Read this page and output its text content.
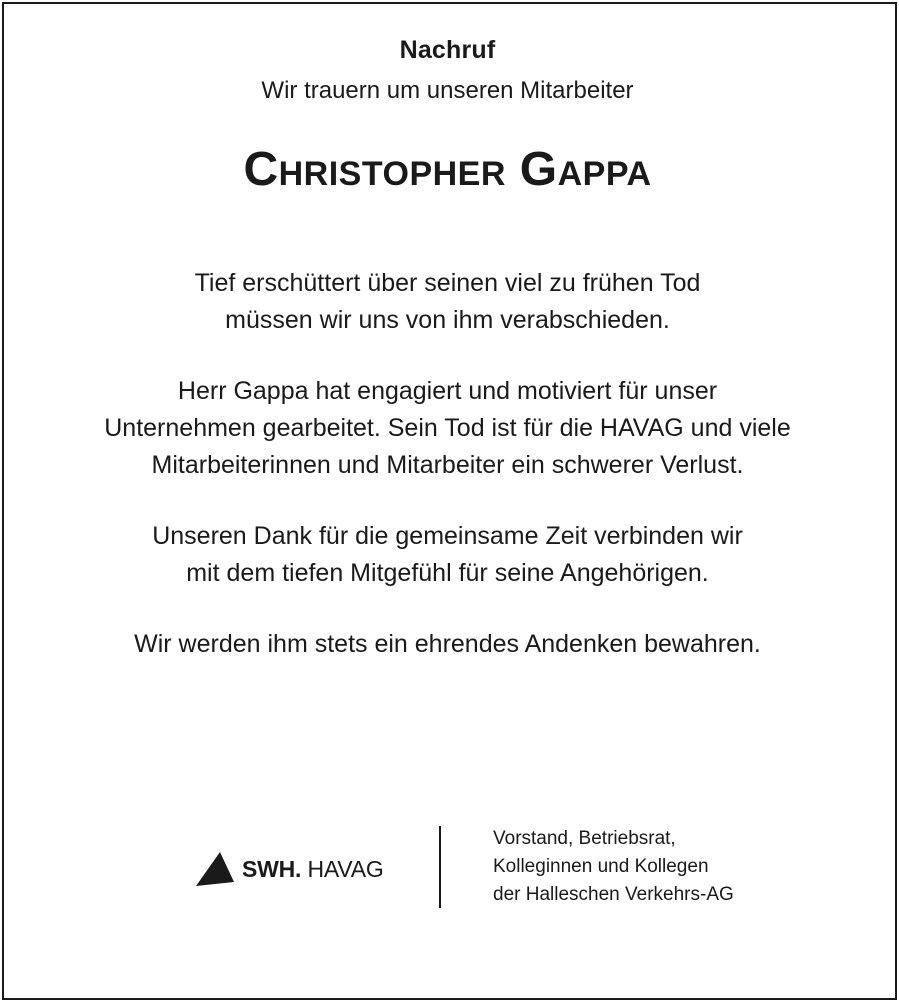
Nachruf
Wir trauern um unseren Mitarbeiter
Christopher Gappa
Tief erschüttert über seinen viel zu frühen Tod
müssen wir uns von ihm verabschieden.
Herr Gappa hat engagiert und motiviert für unser
Unternehmen gearbeitet. Sein Tod ist für die HAVAG und viele
Mitarbeiterinnen und Mitarbeiter ein schwerer Verlust.
Unseren Dank für die gemeinsame Zeit verbinden wir
mit dem tiefen Mitgefühl für seine Angehörigen.
Wir werden ihm stets ein ehrendes Andenken bewahren.
SWH. HAVAG
Vorstand, Betriebsrat,
Kolleginnen und Kollegen
der Halleschen Verkehrs-AG
